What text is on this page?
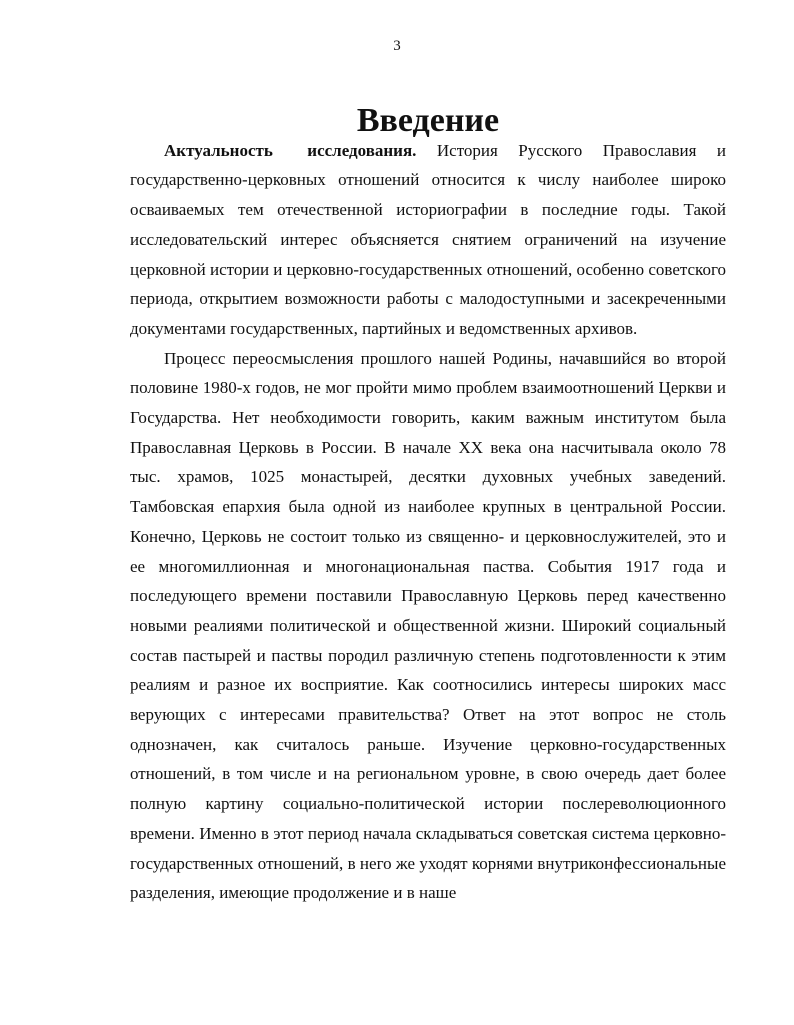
3
Введение

Актуальность исследования. История Русского Православия и государственно-церковных отношений относится к числу наиболее широко осваиваемых тем отечественной историографии в последние годы. Такой исследовательский интерес объясняется снятием ограничений на изучение церковной истории и церковно-государственных отношений, особенно советского периода, открытием возможности работы с малодоступными и засекреченными документами государственных, партийных и ведомственных архивов.

Процесс переосмысления прошлого нашей Родины, начавшийся во второй половине 1980-х годов, не мог пройти мимо проблем взаимоотношений Церкви и Государства. Нет необходимости говорить, каким важным институтом была Православная Церковь в России. В начале XX века она насчитывала около 78 тыс. храмов, 1025 монастырей, десятки духовных учебных заведений. Тамбовская епархия была одной из наиболее крупных в центральной России. Конечно, Церковь не состоит только из священно- и церковнослужителей, это и ее многомиллионная и многонациональная паства. События 1917 года и последующего времени поставили Православную Церковь перед качественно новыми реалиями политической и общественной жизни. Широкий социальный состав пастырей и паствы породил различную степень подготовленности к этим реалиям и разное их восприятие. Как соотносились интересы широких масс верующих с интересами правительства? Ответ на этот вопрос не столь однозначен, как считалось раньше. Изучение церковно-государственных отношений, в том числе и на региональном уровне, в свою очередь дает более полную картину социально-политической истории послереволюционного времени. Именно в этот период начала складываться советская система церковно-государственных отношений, в него же уходят корнями внутриконфессиональные разделения, имеющие продолжение и в наше
